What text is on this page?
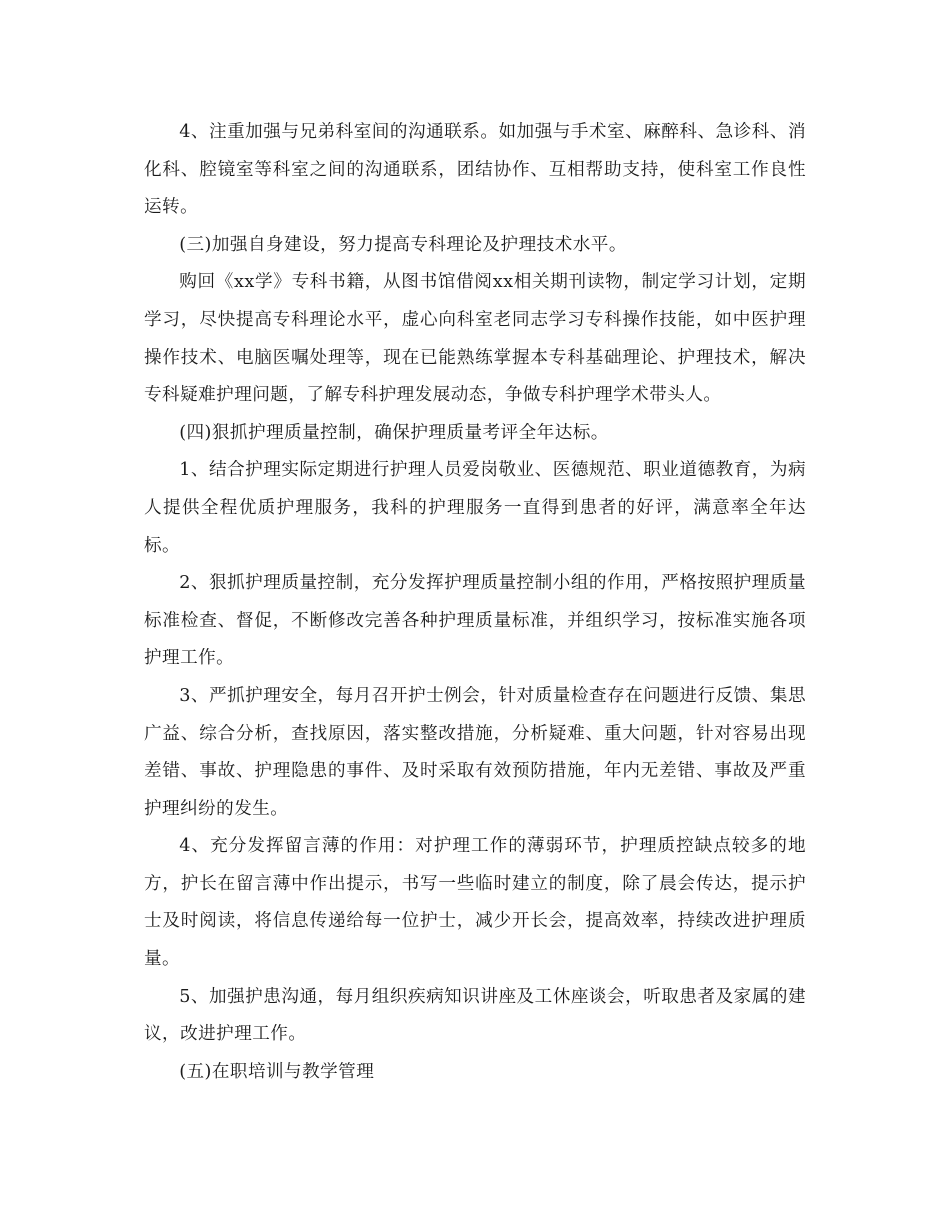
4、注重加强与兄弟科室间的沟通联系。如加强与手术室、麻醉科、急诊科、消化科、腔镜室等科室之间的沟通联系，团结协作、互相帮助支持，使科室工作良性运转。

(三)加强自身建设，努力提高专科理论及护理技术水平。

购回《xx学》专科书籍，从图书馆借阅xx相关期刊读物，制定学习计划，定期学习，尽快提高专科理论水平，虚心向科室老同志学习专科操作技能，如中医护理操作技术、电脑医嘱处理等，现在已能熟练掌握本专科基础理论、护理技术，解决专科疑难护理问题，了解专科护理发展动态，争做专科护理学术带头人。

(四)狠抓护理质量控制，确保护理质量考评全年达标。

1、结合护理实际定期进行护理人员爱岗敬业、医德规范、职业道德教育，为病人提供全程优质护理服务，我科的护理服务一直得到患者的好评，满意率全年达标。

2、狠抓护理质量控制，充分发挥护理质量控制小组的作用，严格按照护理质量标准检查、督促，不断修改完善各种护理质量标准，并组织学习，按标准实施各项护理工作。

3、严抓护理安全，每月召开护士例会，针对质量检查存在问题进行反馈、集思广益、综合分析，查找原因，落实整改措施，分析疑难、重大问题，针对容易出现差错、事故、护理隐患的事件、及时采取有效预防措施，年内无差错、事故及严重护理纠纷的发生。

4、充分发挥留言薄的作用：对护理工作的薄弱环节，护理质控缺点较多的地方，护长在留言薄中作出提示，书写一些临时建立的制度，除了晨会传达，提示护士及时阅读，将信息传递给每一位护士，减少开长会，提高效率，持续改进护理质量。

5、加强护患沟通，每月组织疾病知识讲座及工休座谈会，听取患者及家属的建议，改进护理工作。

(五)在职培训与教学管理
